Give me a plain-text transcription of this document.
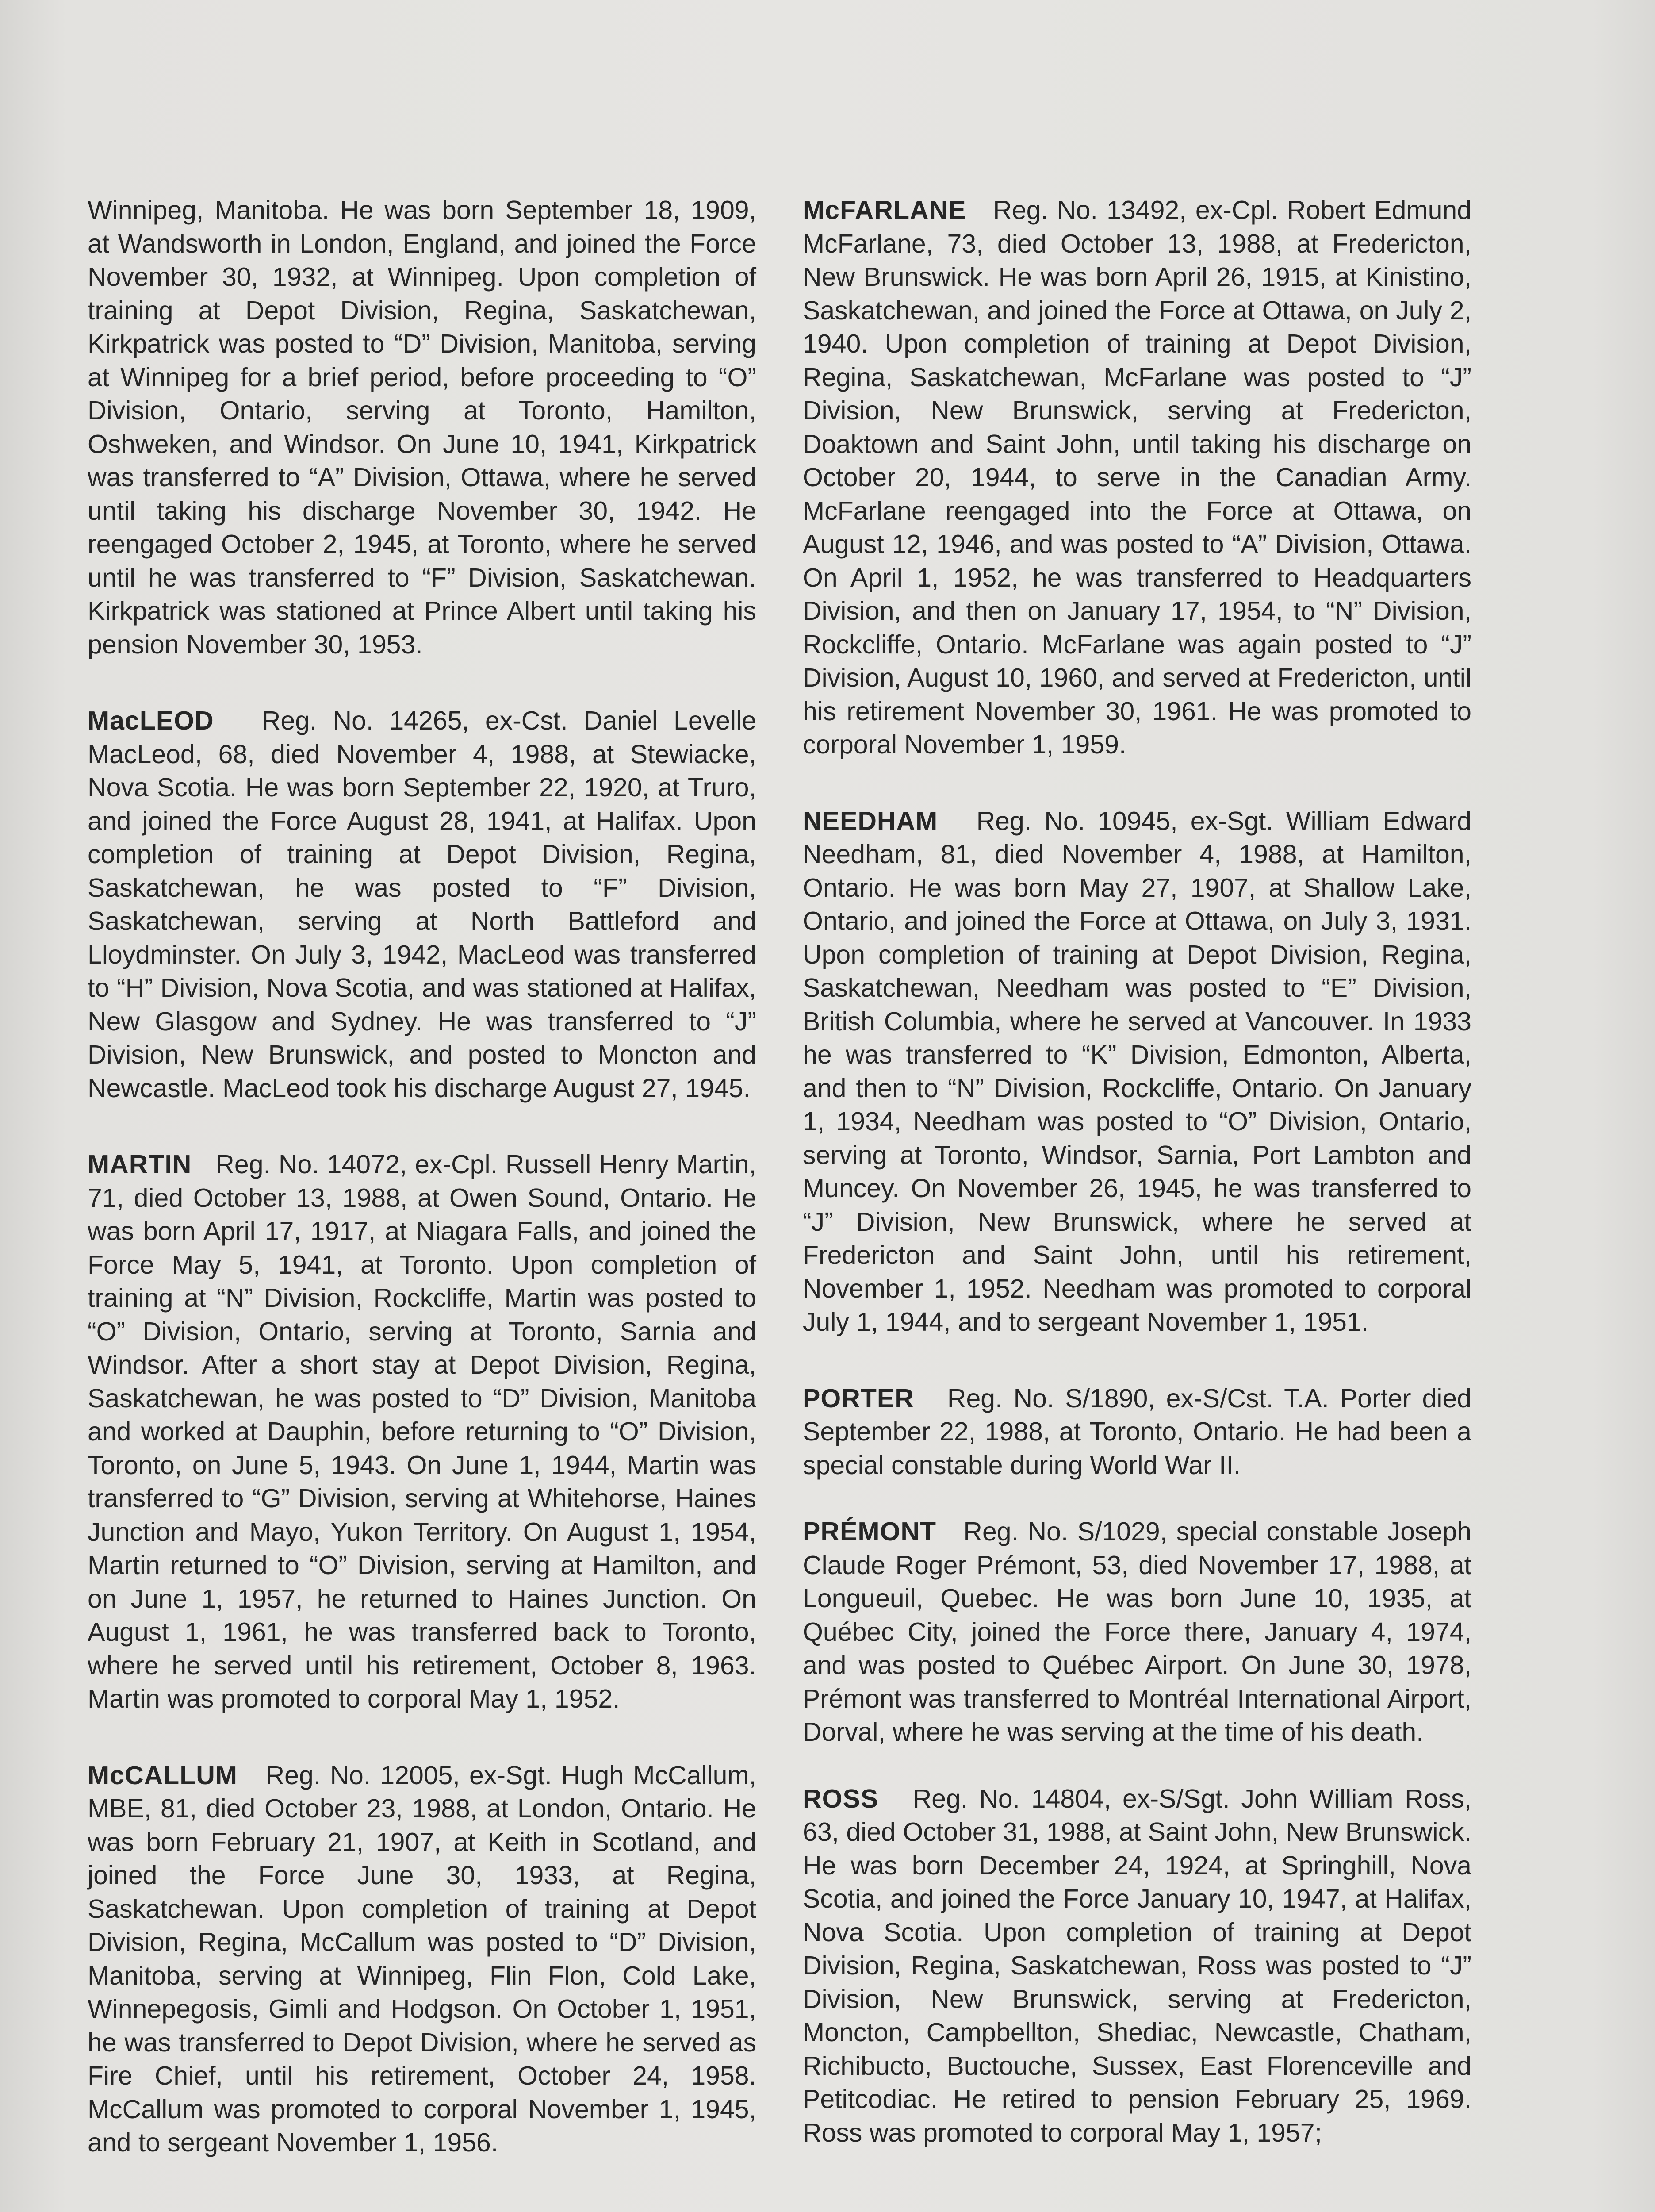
Winnipeg, Manitoba. He was born September 18, 1909, at Wandsworth in London, England, and joined the Force November 30, 1932, at Winnipeg. Upon completion of training at Depot Division, Regina, Saskatchewan, Kirkpatrick was posted to “D” Division, Manitoba, serving at Winnipeg for a brief period, before proceeding to “O” Division, Ontario, serving at Toronto, Hamilton, Oshweken, and Windsor. On June 10, 1941, Kirkpatrick was transferred to “A” Division, Ottawa, where he served until taking his discharge November 30, 1942. He reengaged October 2, 1945, at Toronto, where he served until he was transferred to “F” Division, Saskatchewan. Kirkpatrick was stationed at Prince Albert until taking his pension November 30, 1953.

MacLEOD Reg. No. 14265, ex-Cst. Daniel Levelle MacLeod, 68, died November 4, 1988, at Stewiacke, Nova Scotia. He was born September 22, 1920, at Truro, and joined the Force August 28, 1941, at Halifax. Upon completion of training at Depot Division, Regina, Saskatchewan, he was posted to “F” Division, Saskatchewan, serving at North Battleford and Lloydminster. On July 3, 1942, MacLeod was transferred to “H” Division, Nova Scotia, and was stationed at Halifax, New Glasgow and Sydney. He was transferred to “J” Division, New Brunswick, and posted to Moncton and Newcastle. MacLeod took his discharge August 27, 1945.

MARTIN Reg. No. 14072, ex-Cpl. Russell Henry Martin, 71, died October 13, 1988, at Owen Sound, Ontario. He was born April 17, 1917, at Niagara Falls, and joined the Force May 5, 1941, at Toronto. Upon completion of training at “N” Division, Rockcliffe, Martin was posted to “O” Division, Ontario, serving at Toronto, Sarnia and Windsor. After a short stay at Depot Division, Regina, Saskatchewan, he was posted to “D” Division, Manitoba and worked at Dauphin, before returning to “O” Division, Toronto, on June 5, 1943. On June 1, 1944, Martin was transferred to “G” Division, serving at Whitehorse, Haines Junction and Mayo, Yukon Territory. On August 1, 1954, Martin returned to “O” Division, serving at Hamilton, and on June 1, 1957, he returned to Haines Junction. On August 1, 1961, he was transferred back to Toronto, where he served until his retirement, October 8, 1963. Martin was promoted to corporal May 1, 1952.

McCALLUM Reg. No. 12005, ex-Sgt. Hugh McCallum, MBE, 81, died October 23, 1988, at London, Ontario. He was born February 21, 1907, at Keith in Scotland, and joined the Force June 30, 1933, at Regina, Saskatchewan. Upon completion of training at Depot Division, Regina, McCallum was posted to “D” Division, Manitoba, serving at Winnipeg, Flin Flon, Cold Lake, Winnepegosis, Gimli and Hodgson. On October 1, 1951, he was transferred to Depot Division, where he served as Fire Chief, until his retirement, October 24, 1958. McCallum was promoted to corporal November 1, 1945, and to sergeant November 1, 1956.

McFARLANE Reg. No. 13492, ex-Cpl. Robert Edmund McFarlane, 73, died October 13, 1988, at Fredericton, New Brunswick. He was born April 26, 1915, at Kinistino, Saskatchewan, and joined the Force at Ottawa, on July 2, 1940. Upon completion of training at Depot Division, Regina, Saskatchewan, McFarlane was posted to “J” Division, New Brunswick, serving at Fredericton, Doaktown and Saint John, until taking his discharge on October 20, 1944, to serve in the Canadian Army. McFarlane reengaged into the Force at Ottawa, on August 12, 1946, and was posted to “A” Division, Ottawa. On April 1, 1952, he was transferred to Headquarters Division, and then on January 17, 1954, to “N” Division, Rockcliffe, Ontario. McFarlane was again posted to “J” Division, August 10, 1960, and served at Fredericton, until his retirement November 30, 1961. He was promoted to corporal November 1, 1959.

NEEDHAM Reg. No. 10945, ex-Sgt. William Edward Needham, 81, died November 4, 1988, at Hamilton, Ontario. He was born May 27, 1907, at Shallow Lake, Ontario, and joined the Force at Ottawa, on July 3, 1931. Upon completion of training at Depot Division, Regina, Saskatchewan, Needham was posted to “E” Division, British Columbia, where he served at Vancouver. In 1933 he was transferred to “K” Division, Edmonton, Alberta, and then to “N” Division, Rockcliffe, Ontario. On January 1, 1934, Needham was posted to “O” Division, Ontario, serving at Toronto, Windsor, Sarnia, Port Lambton and Muncey. On November 26, 1945, he was transferred to “J” Division, New Brunswick, where he served at Fredericton and Saint John, until his retirement, November 1, 1952. Needham was promoted to corporal July 1, 1944, and to sergeant November 1, 1951.

PORTER Reg. No. S/1890, ex-S/Cst. T.A. Porter died September 22, 1988, at Toronto, Ontario. He had been a special constable during World War II.

PRÉMONT Reg. No. S/1029, special constable Joseph Claude Roger Prémont, 53, died November 17, 1988, at Longueuil, Quebec. He was born June 10, 1935, at Québec City, joined the Force there, January 4, 1974, and was posted to Québec Airport. On June 30, 1978, Prémont was transferred to Montréal International Airport, Dorval, where he was serving at the time of his death.

ROSS Reg. No. 14804, ex-S/Sgt. John William Ross, 63, died October 31, 1988, at Saint John, New Brunswick. He was born December 24, 1924, at Springhill, Nova Scotia, and joined the Force January 10, 1947, at Halifax, Nova Scotia. Upon completion of training at Depot Division, Regina, Saskatchewan, Ross was posted to “J” Division, New Brunswick, serving at Fredericton, Moncton, Campbellton, Shediac, Newcastle, Chatham, Richibucto, Buctouche, Sussex, East Florenceville and Petitcodiac. He retired to pension February 25, 1969. Ross was promoted to corporal May 1, 1957;
